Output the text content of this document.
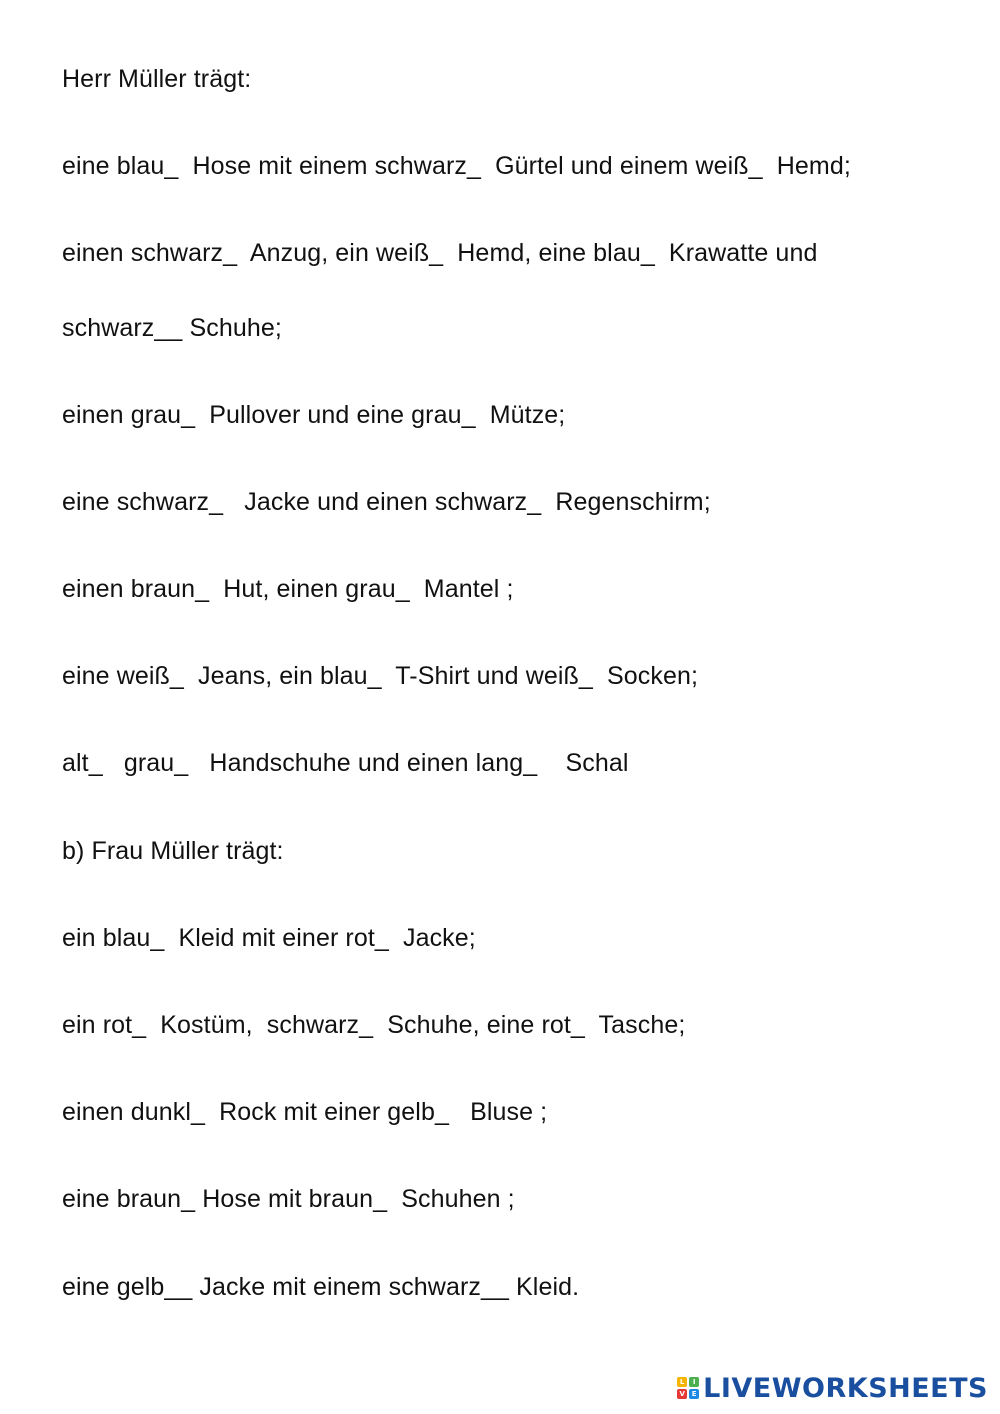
Herr Müller trägt:
eine blau_  Hose mit einem schwarz_  Gürtel und einem weiß_  Hemd;
einen schwarz_  Anzug, ein weiß_  Hemd, eine blau_  Krawatte und
schwarz__ Schuhe;
einen grau_  Pullover und eine grau_  Mütze;
eine schwarz_   Jacke und einen schwarz_  Regenschirm;
einen braun_  Hut, einen grau_  Mantel ;
eine weiß_  Jeans, ein blau_  T-Shirt und weiß_  Socken;
alt_   grau_   Handschuhe und einen lang_    Schal
b) Frau Müller trägt:
ein blau_  Kleid mit einer rot_  Jacke;
ein rot_  Kostüm,  schwarz_  Schuhe, eine rot_  Tasche;
einen dunkl_  Rock mit einer gelb_   Bluse ;
eine braun_ Hose mit braun_  Schuhen ;
eine gelb__ Jacke mit einem schwarz__ Kleid.
L	I
V E LIVEWORKSHEETS
